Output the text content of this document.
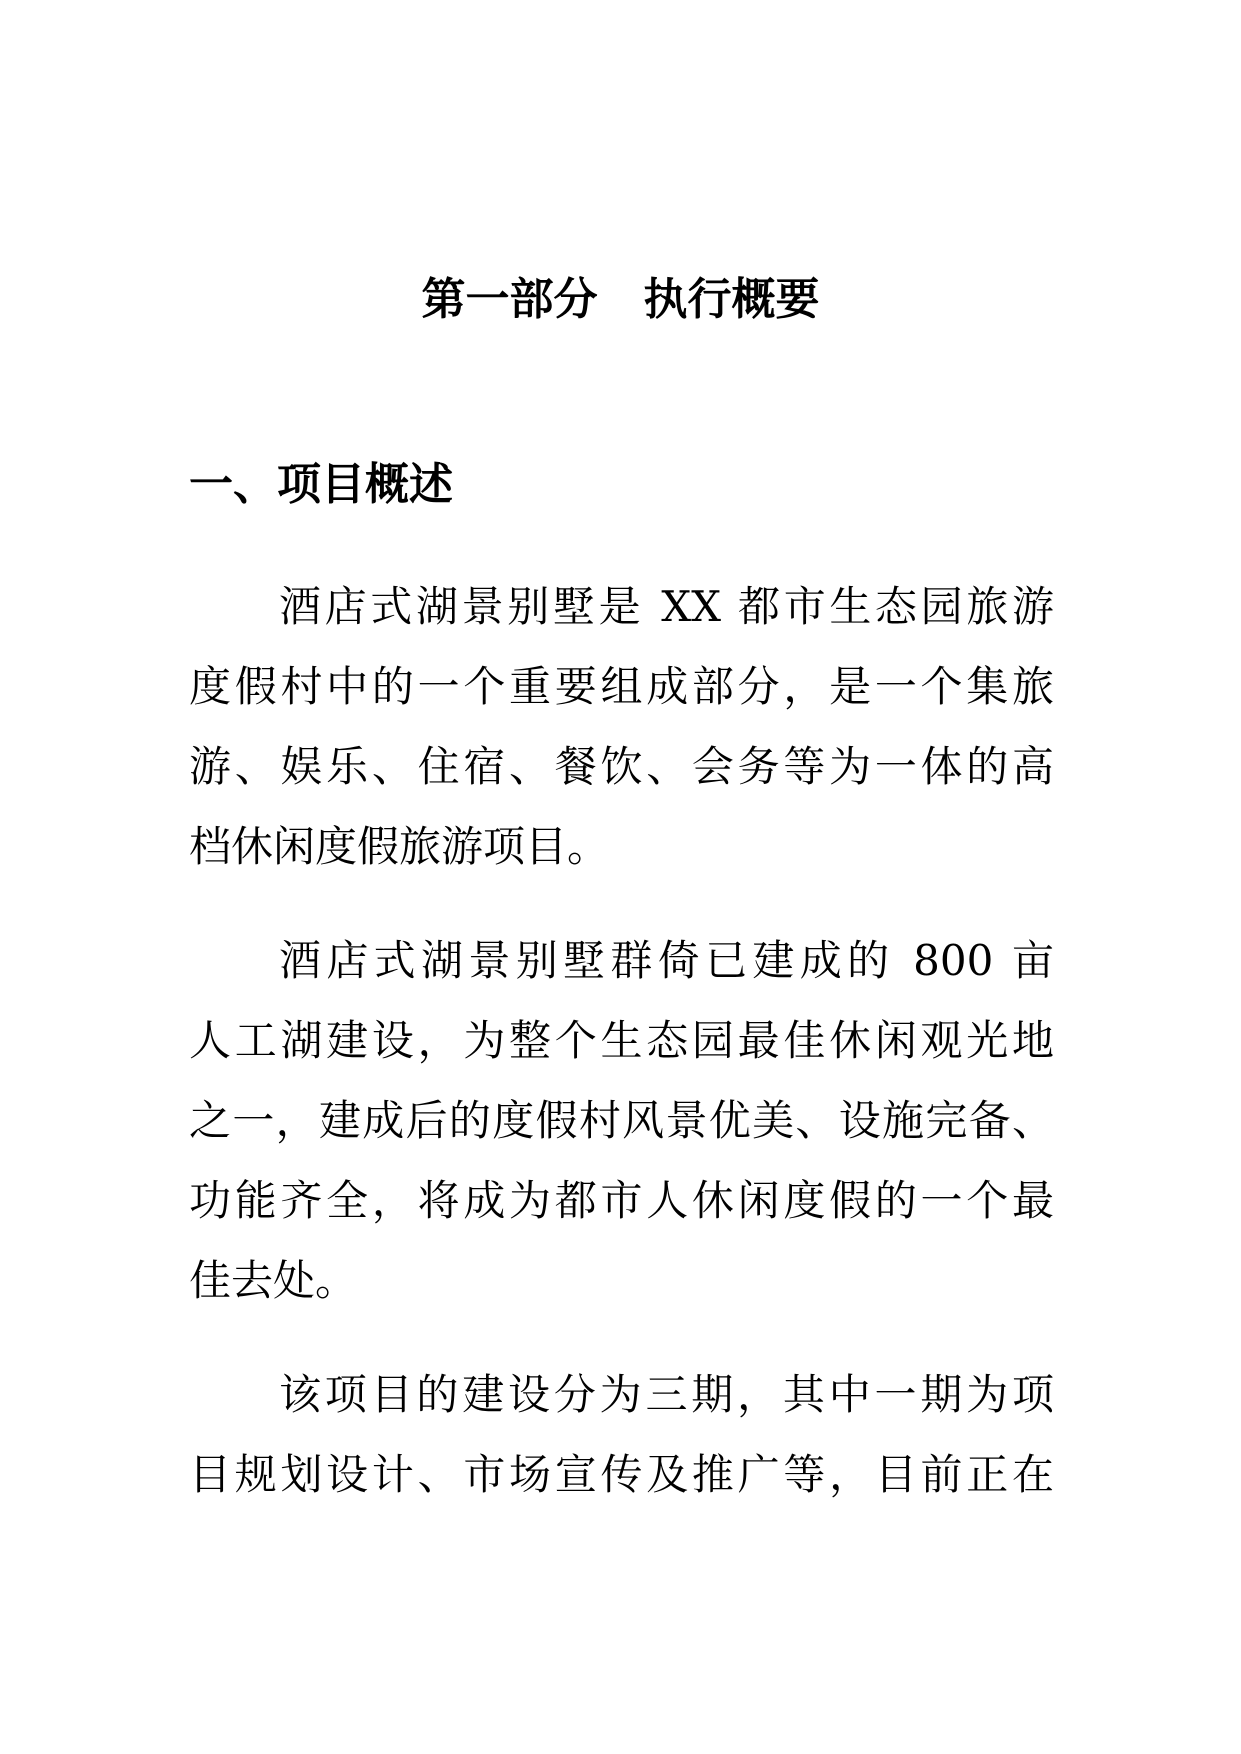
第一部分 执行概要
一、项目概述

酒店式湖景别墅是 XX 都市生态园旅游

度假村中的一个重要组成部分，是一个集旅

游、娱乐、住宿、餐饮、会务等为一体的高

档休闲度假旅游项目。

酒店式湖景别墅群倚已建成的 800 亩

人工湖建设，为整个生态园最佳休闲观光地

之一，建成后的度假村风景优美、设施完备、

功能齐全，将成为都市人休闲度假的一个最

佳去处。

该项目的建设分为三期，其中一期为项

目规划设计、市场宣传及推广等，目前正在
